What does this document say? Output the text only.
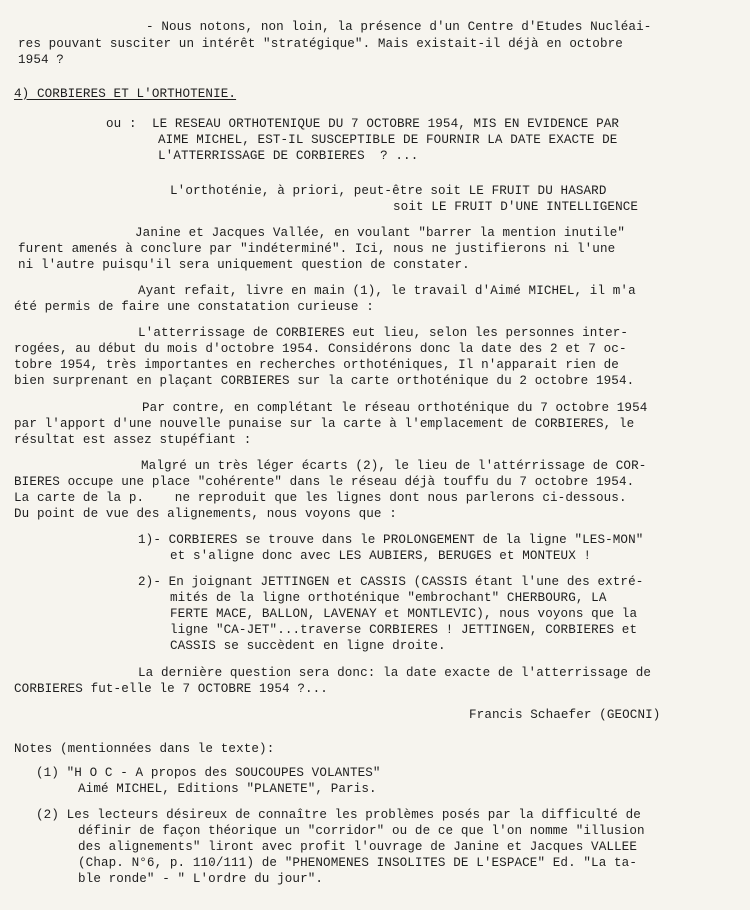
- Nous notons, non loin, la présence d'un Centre d'Etudes Nucléai-

res pouvant susciter un intérêt "stratégique". Mais existait-il déjà en octobre

1954 ?

4) CORBIERES ET L'ORTHOTENIE.

ou :  LE RESEAU ORTHOTENIQUE DU 7 OCTOBRE 1954, MIS EN EVIDENCE PAR

AIME MICHEL, EST-IL SUSCEPTIBLE DE FOURNIR LA DATE EXACTE DE

L'ATTERRISSAGE DE CORBIERES  ? ...

L'orthoténie, à priori, peut-être soit LE FRUIT DU HASARD

soit LE FRUIT D'UNE INTELLIGENCE

Janine et Jacques Vallée, en voulant "barrer la mention inutile"

furent amenés à conclure par "indéterminé". Ici, nous ne justifierons ni l'une

ni l'autre puisqu'il sera uniquement question de constater.

Ayant refait, livre en main (1), le travail d'Aimé MICHEL, il m'a

été permis de faire une constatation curieuse :

L'atterrissage de CORBIERES eut lieu, selon les personnes inter-

rogées, au début du mois d'octobre 1954. Considérons donc la date des 2 et 7 oc-

tobre 1954, très importantes en recherches orthoténiques, Il n'apparait rien de

bien surprenant en plaçant CORBIERES sur la carte orthoténique du 2 octobre 1954.

Par contre, en complétant le réseau orthoténique du 7 octobre 1954

par l'apport d'une nouvelle punaise sur la carte à l'emplacement de CORBIERES, le

résultat est assez stupéfiant :

Malgré un très léger écarts (2), le lieu de l'attérrissage de COR-

BIERES occupe une place "cohérente" dans le réseau déjà touffu du 7 octobre 1954.

La carte de la p.    ne reproduit que les lignes dont nous parlerons ci-dessous.

Du point de vue des alignements, nous voyons que :

1)- CORBIERES se trouve dans le PROLONGEMENT de la ligne "LES-MON"

et s'aligne donc avec LES AUBIERS, BERUGES et MONTEUX !

2)- En joignant JETTINGEN et CASSIS (CASSIS étant l'une des extré-

mités de la ligne orthoténique "embrochant" CHERBOURG, LA

FERTE MACE, BALLON, LAVENAY et MONTLEVIC), nous voyons que la

ligne "CA-JET"...traverse CORBIERES ! JETTINGEN, CORBIERES et

CASSIS se succèdent en ligne droite.

La dernière question sera donc: la date exacte de l'atterrissage de

CORBIERES fut-elle le 7 OCTOBRE 1954 ?...

Francis Schaefer (GEOCNI)

Notes (mentionnées dans le texte):

(1) "H O C - A propos des SOUCOUPES VOLANTES"

Aimé MICHEL, Editions "PLANETE", Paris.

(2) Les lecteurs désireux de connaître les problèmes posés par la difficulté de

définir de façon théorique un "corridor" ou de ce que l'on nomme "illusion

des alignements" liront avec profit l'ouvrage de Janine et Jacques VALLEE

(Chap. N°6, p. 110/111) de "PHENOMENES INSOLITES DE L'ESPACE" Ed. "La ta-

ble ronde" - " L'ordre du jour".
